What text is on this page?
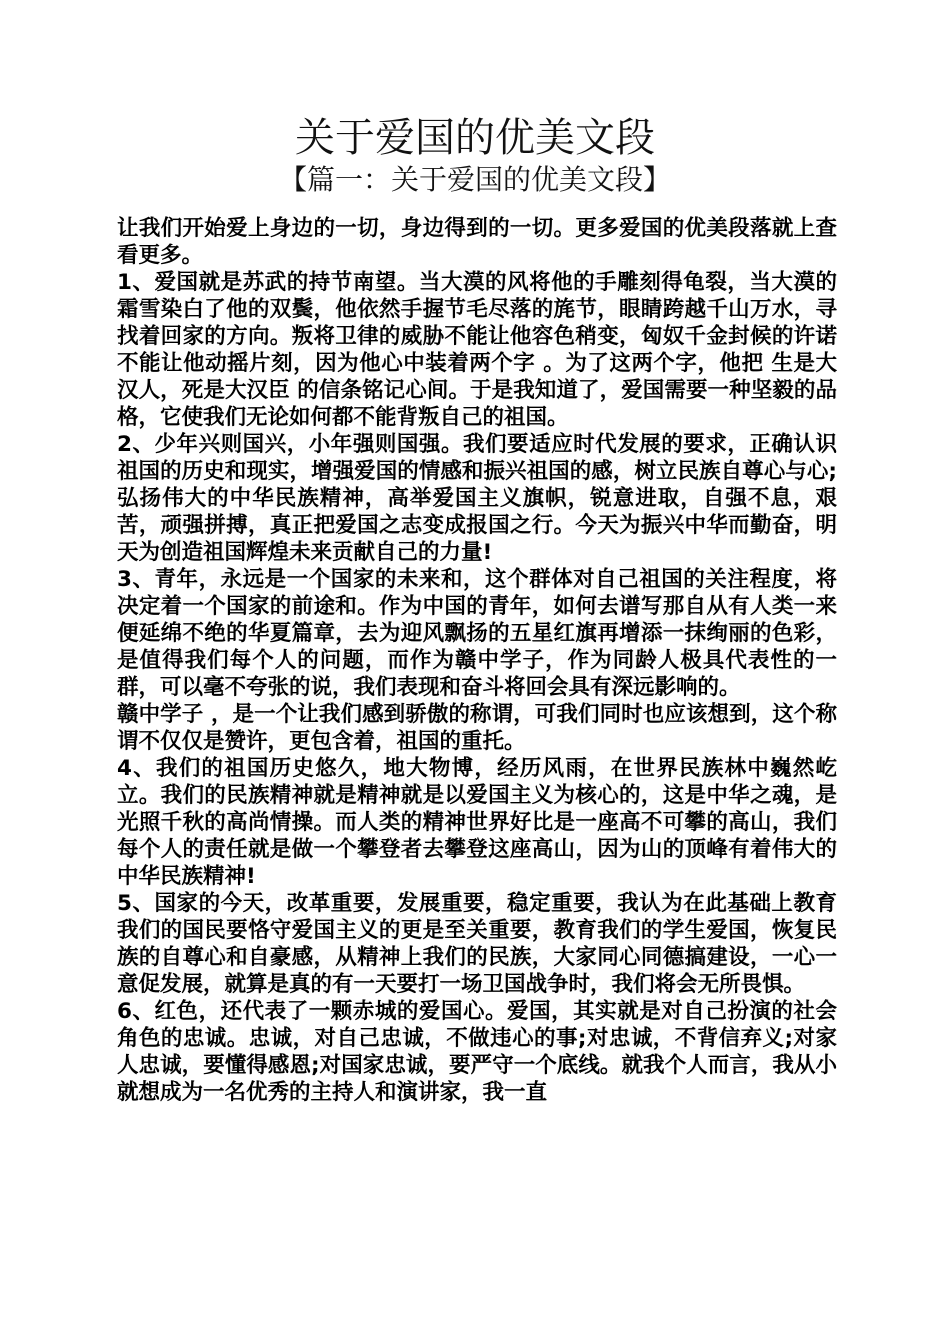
关于爱国的优美文段
【篇一：关于爱国的优美文段】

让我们开始爱上身边的一切，身边得到的一切。更多爱国的优美段落就上查看更多。

1、爱国就是苏武的持节南望。当大漠的风将他的手雕刻得龟裂，当大漠的霜雪染白了他的双鬓，他依然手握节毛尽落的旄节，眼睛跨越千山万水，寻找着回家的方向。叛将卫律的威胁不能让他容色稍变，匈奴千金封候的许诺不能让他动摇片刻，因为他心中装着两个字 。为了这两个字，他把 生是大汉人，死是大汉臣 的信条铭记心间。于是我知道了，爱国需要一种坚毅的品格，它使我们无论如何都不能背叛自己的祖国。

2、少年兴则国兴，小年强则国强。我们要适应时代发展的要求，正确认识祖国的历史和现实，增强爱国的情感和振兴祖国的感，树立民族自尊心与心;弘扬伟大的中华民族精神，高举爱国主义旗帜，锐意进取，自强不息，艰苦，顽强拼搏，真正把爱国之志变成报国之行。今天为振兴中华而勤奋，明天为创造祖国辉煌未来贡献自己的力量!

3、青年，永远是一个国家的未来和，这个群体对自己祖国的关注程度，将决定着一个国家的前途和。作为中国的青年，如何去谱写那自从有人类一来便延绵不绝的华夏篇章，去为迎风飘扬的五星红旗再增添一抹绚丽的色彩，是值得我们每个人的问题，而作为赣中学子，作为同龄人极具代表性的一群，可以毫不夸张的说，我们表现和奋斗将回会具有深远影响的。

赣中学子 ，是一个让我们感到骄傲的称谓，可我们同时也应该想到，这个称谓不仅仅是赞许，更包含着，祖国的重托。

4、我们的祖国历史悠久，地大物博，经历风雨，在世界民族林中巍然屹立。我们的民族精神就是精神就是以爱国主义为核心的，这是中华之魂，是光照千秋的高尚情操。而人类的精神世界好比是一座高不可攀的高山，我们每个人的责任就是做一个攀登者去攀登这座高山，因为山的顶峰有着伟大的中华民族精神!

5、国家的今天，改革重要，发展重要，稳定重要，我认为在此基础上教育我们的国民要恪守爱国主义的更是至关重要，教育我们的学生爱国，恢复民族的自尊心和自豪感，从精神上我们的民族，大家同心同德搞建设，一心一意促发展，就算是真的有一天要打一场卫国战争时，我们将会无所畏惧。

6、红色，还代表了一颗赤城的爱国心。爱国，其实就是对自己扮演的社会角色的忠诚。忠诚，对自己忠诚，不做违心的事;对忠诚，不背信弃义;对家人忠诚，要懂得感恩;对国家忠诚，要严守一个底线。就我个人而言，我从小就想成为一名优秀的主持人和演讲家，我一直
